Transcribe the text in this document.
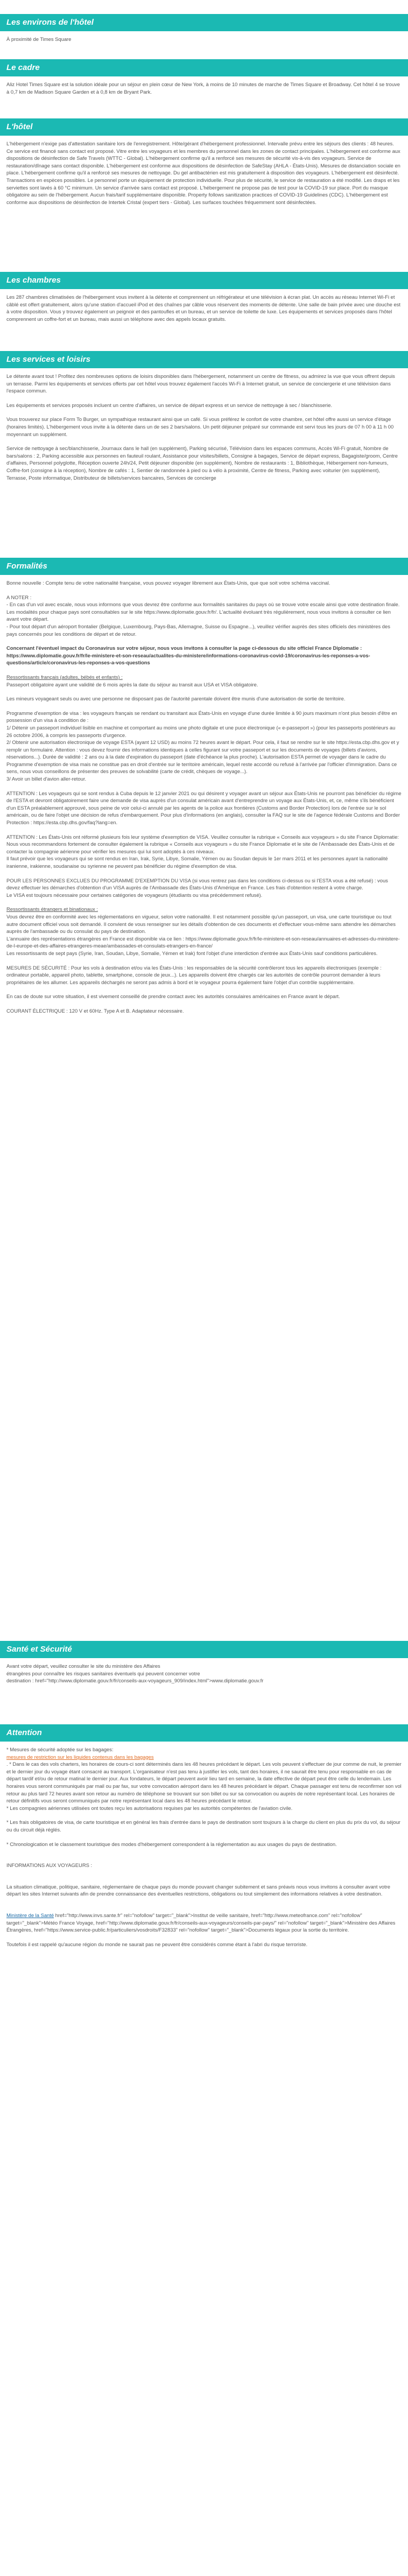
Les environs de l'hôtel

À proximité de Times Square

Le cadre

Aliz Hotel Times Square est la solution idéale pour un séjour en plein cœur de New York, à moins de 10 minutes de marche de Times Square et Broadway. Cet hôtel 4 se trouve à 0,7 km de Madison Square Garden et à 0,8 km de Bryant Park.

L'hôtel

L'hébergement n'exige pas d'attestation sanitaire lors de l'enregistrement. Hôte/gérant d'hébergement professionnel. Intervalle prévu entre les séjours des clients : 48 heures. Ce service est financé sans contact est proposé. Vitre entre les voyageurs et les membres du personnel dans les zones de contact principales. L'hébergement est conforme aux dispositions de désinfection de Safe Travels (WTTC - Global). L'hébergement confirme qu'il a renforcé ses mesures de sécurité vis-à-vis des voyageurs. Service de restauration/dînage sans contact disponible. L'hébergement est conforme aux dispositions de désinfection de SafeStay (AHLA - États-Unis). Mesures de distanciation sociale en place. L'hébergement confirme qu'il a renforcé ses mesures de nettoyage. Du gel antibactérien est mis gratuitement à disposition des voyageurs. L'hébergement est désinfecté. Transactions en espèces possibles. Le personnel porte un équipement de protection individuelle. Pour plus de sécurité, le service de restauration a été modifié. Les draps et les serviettes sont lavés à 60 °C minimum. Un service d'arrivée sans contact est proposé. L'hébergement ne propose pas de test pour la COVID-19 sur place. Port du masque obligatoire au sein de l'hébergement. Aucun frais/tarif supplémentaire disponible. Property follows sanitization practices of COVID-19 Guidelines (CDC). L'hébergement est conforme aux dispositions de désinfection de Intertek Cristal (expert tiers - Global). Les surfaces touchées fréquemment sont désinfectées.

Les chambres

Les 287 chambres climatisées de l'hébergement vous invitent à la détente et comprennent un réfrigérateur et une télévision à écran plat. Un accès au réseau Internet Wi-Fi et câblé est offert gratuitement, alors qu'une station d'accueil iPod et des chaînes par câble vous réservent des moments de détente. Une salle de bain privée avec une douche est à votre disposition. Vous y trouvez également un peignoir et des pantoufles et un bureau, et un service de toilette de luxe. Les équipements et services proposés dans l'hôtel comprennent un coffre-fort et un bureau, mais aussi un téléphone avec des appels locaux gratuits.

Les services et loisirs

Le détente avant tout ! Profitez des nombreuses options de loisirs disponibles dans l'hébergement, notamment un centre de fitness, ou admirez la vue que vous offrent depuis un terrasse. Parmi les équipements et services offerts par cet hôtel vous trouvez également l'accès Wi-Fi à Internet gratuit, un service de conciergerie et une télévision dans l'espace commun.

Les équipements et services proposés incluent un centre d'affaires, un service de départ express et un service de nettoyage à sec / blanchisserie.

Vous trouverez sur place Form To Burger, un sympathique restaurant ainsi que un café. Si vous préférez le confort de votre chambre, cet hôtel offre aussi un service d'étage (horaires limités). L'hébergement vous invite à la détente dans un de ses 2 bars/salons. Un petit déjeuner préparé sur commande est servi tous les jours de 07 h 00 à 11 h 00 moyennant un supplément.

Service de nettoyage à sec/blanchisserie, Journaux dans le hall (en supplément), Parking sécurisé, Télévision dans les espaces communs, Accès Wi-Fi gratuit, Nombre de bars/salons : 2, Parking accessible aux personnes en fauteuil roulant, Assistance pour visites/billets, Consigne à bagages, Service de départ express, Bagagiste/groom, Centre d'affaires, Personnel polyglotte, Réception ouverte 24h/24, Petit déjeuner disponible (en supplément), Nombre de restaurants : 1, Bibliothèque, Hébergement non-fumeurs, Coffre-fort (consigne à la réception), Nombre de cafés : 1, Sentier de randonnée à pied ou à vélo à proximité, Centre de fitness, Parking avec voiturier (en supplément), Terrasse, Poste informatique, Distributeur de billets/services bancaires, Services de concierge

Formalités

Bonne nouvelle : Compte tenu de votre nationalité française, vous pouvez voyager librement aux États-Unis, que que soit votre schéma vaccinal.

A NOTER :
- En cas d'un vol avec escale, nous vous informons que vous devrez être conforme aux formalités sanitaires du pays où se trouve votre escale ainsi que votre destination finale.
Les modalités pour chaque pays sont consultables sur le site https://www.diplomatie.gouv.fr/fr/. L'actualité évoluant très régulièrement, nous vous invitons à consulter ce lien avant votre départ.
- Pour tout départ d'un aéroport frontalier (Belgique, Luxembourg, Pays-Bas, Allemagne, Suisse ou Espagne...), veuillez vérifier auprès des sites officiels des ministères des pays concernés pour les conditions de départ et de retour.
Concernant l'éventuel impact du Coronavirus sur votre séjour, nous vous invitons à consulter la page ci-dessous du site officiel France Diplomatie :
https://www.diplomatie.gouv.fr/fr/le-ministere-et-son-reseau/actualites-du-ministere/informations-coronavirus-covid-19/coronavirus-les-reponses-a-vos-questions/article/coronavirus-les-reponses-a-vos-questions
Ressortissants français (adultes, bébés et enfants) :
Passeport obligatoire ayant une validité de 6 mois après la date du séjour au transit aux USA et VISA obligatoire.

Les mineurs voyageant seuls ou avec une personne ne disposant pas de l'autorité parentale doivent être munis d'une autorisation de sortie de territoire.

Programme d'exemption de visa : les voyageurs français se rendant ou transitant aux États-Unis en voyage d'une durée limitée à 90 jours maximum n'ont plus besoin d'être en possession d'un visa à condition de :
1/ Détenir un passeport individuel lisible en machine et comportant au moins une photo digitale et une puce électronique (« e-passeport ») (pour les passeports postérieurs au 26 octobre 2006, à compris les passeports d'urgence.
2/ Obtenir une autorisation électronique de voyage ESTA (ayant 12 USD) au moins 72 heures avant le départ. Pour cela, il faut se rendre sur le site https://esta.cbp.dhs.gov et y remplir un formulaire. Attention : vous devez fournir des informations identiques à celles figurant sur votre passeport et sur les documents de voyages (billets d'avions, réservations...). Durée de validité : 2 ans ou à la date d'expiration du passeport (date d'échéance la plus proche). L'autorisation ESTA permet de voyager dans le cadre du Programme d'exemption de visa mais ne constitue pas en droit d'entrée sur le territoire américain, lequel reste accordé ou refusé à l'arrivée par l'officier d'immigration. Dans ce sens, nous vous conseillons de présenter des preuves de solvabilité (carte de crédit, chèques de voyage...).
3/ Avoir un billet d'avion aller-retour.
ATTENTION : Les voyageurs qui se sont rendus à Cuba depuis le 12 janvier 2021 ou qui désirent y voyager avant un séjour aux États-Unis ne pourront pas bénéficier du régime de l'ESTA et devront obligatoirement faire une demande de visa auprès d'un consulat américain avant d'entreprendre un voyage aux États-Unis, et, ce, même s'ils bénéficient d'un ESTA préalablement approuvé, sous peine de voir celui-ci annulé par les agents de la police aux frontières (Customs and Border Protection) lors de l'entrée sur le sol américain, ou de faire l'objet une décision de refus d'embarquement. Pour plus d'informations (en anglais), consulter la FAQ sur le site de l'agence fédérale Customs and Border Protection : https://esta.cbp.dhs.gov/faq?lang=en.
ATTENTION : Les États-Unis ont réformé plusieurs fois leur système d'exemption de VISA. Veuillez consulter la rubrique « Conseils aux voyageurs » du site France Diplomatie:
Nous vous recommandons fortement de consulter également la rubrique « Conseils aux voyageurs » du site France Diplomatie et le site de l'Ambassade des États-Unis et de contacter la compagnie aérienne pour vérifier les mesures qui lui sont adoptés à ces niveaux.
Il faut prévoir que les voyageurs qui se sont rendus en Iran, Irak, Syrie, Libye, Somalie, Yémen ou au Soudan depuis le 1er mars 2011 et les personnes ayant la nationalité iranienne, irakienne, soudanaise ou syrienne ne peuvent pas bénéficier du régime d'exemption de visa.
POUR LES PERSONNES EXCLUES DU PROGRAMME D'EXEMPTION DU VISA (si vous rentrez pas dans les conditions ci-dessus ou si l'ESTA vous a été refusé) : vous devez effectuer les démarches d'obtention d'un VISA auprès de l'Ambassade des États-Unis d'Amérique en France. Les frais d'obtention restent à votre charge.
Le VISA est toujours nécessaire pour certaines catégories de voyageurs (étudiants ou visa précédemment refusé).
Ressortissants étrangers et binationaux :
Vous devrez être en conformité avec les réglementations en vigueur, selon votre nationalité. Il est notamment possible qu'un passeport, un visa, une carte touristique ou tout autre document officiel vous soit demandé. Il convient de vous renseigner sur les détails d'obtention de ces documents et d'effectuer vous-même sans attendre les démarches auprès de l'ambassade ou du consulat du pays de destination.
L'annuaire des représentations étrangères en France est disponible via ce lien : https://www.diplomatie.gouv.fr/fr/le-ministere-et-son-reseau/annuaires-et-adresses-du-ministere-de-l-europe-et-des-affaires-etrangeres-meae/ambassades-et-consulats-etrangers-en-france/
Les ressortissants de sept pays (Syrie, Iran, Soudan, Libye, Somalie, Yémen et Irak) font l'objet d'une interdiction d'entrée aux États-Unis sauf conditions particulières.

MESURES DE SÉCURITÉ : Pour les vols à destination et/ou via les États-Unis : les responsables de la sécurité contrôleront tous les appareils électroniques (exemple : ordinateur portable, appareil photo, tablette, smartphone, console de jeux...). Les appareils doivent être chargés car les autorités de contrôle pourront demander à leurs propriétaires de les allumer. Les appareils déchargés ne seront pas admis à bord et le voyageur pourra également faire l'objet d'un contrôle supplémentaire.

En cas de doute sur votre situation, il est vivement conseillé de prendre contact avec les autorités consulaires américaines en France avant le départ.

COURANT ÉLECTRIQUE : 120 V et 60Hz. Type A et B. Adaptateur nécessaire.

Santé et Sécurité
Avant votre départ, veuillez consulter le site du ministère des Affaires
étrangères pour connaître les risques sanitaires éventuels qui peuvent concerner votre
destination : href="http://www.diplomatie.gouv.fr/fr/conseils-aux-voyageurs_909/index.html">www.diplomatie.gouv.fr
Attention
* Mesures de sécurité adoptée sur les bagages:
mesures de restriction sur les liquides contenus dans les bagages
. * Dans le cas des vols charters, les horaires de cours-ci sont déterminés dans les 48 heures précédant le départ. Les vols peuvent s'effectuer de jour comme de nuit, le premier et le dernier jour du voyage étant consacré au transport. L'organisateur n'est pas tenu à justifier les vols, tant des horaires, il ne saurait être tenu pour responsable en cas de départ tardif et/ou de retour matinal le dernier jour. Aux fondateurs, le départ peuvent avoir lieu tard en semaine, la date effective de départ peut être celle du lendemain. Les horaires vous seront communiqués par mail ou par fax, sur votre convocation aéroport dans les 48 heures précédant le départ. Chaque passager est tenu de reconfirmer son vol retour au plus tard 72 heures avant son retour au numéro de téléphone se trouvant sur son billet ou sur sa convocation ou auprès de notre représentant local. Les horaires de retour définitifs vous seront communiqués par notre représentant local dans les 48 heures précédant le retour.
* Les compagnies aériennes utilisées ont toutes reçu les autorisations requises par les autorités compétentes de l'aviation civile.

* Les frais obligatoires de visa, de carte touristique et en général les frais d'entrée dans le pays de destination sont toujours à la charge du client en plus du prix du vol, du séjour ou du circuit déjà réglés.

* Chronologication et le classement touristique des modes d'hébergement correspondent à la réglementation au aux usages du pays de destination.

INFORMATIONS AUX VOYAGEURS :

La situation climatique, politique, sanitaire, réglementaire de chaque pays du monde pouvant changer subitement et sans préavis nous vous invitons à consulter avant votre départ les sites Internet suivants afin de prendre connaissance des éventuelles restrictions, obligations ou tout simplement des informations relatives à votre destination.

Ministère de la Santé href="http://www.invs.sante.fr" rel="nofollow" target="_blank">Institut de veille sanitaire, href="http://www.meteofrance.com" rel="nofollow" target="_blank">Météo France Voyage, href="http://www.diplomatie.gouv.fr/fr/conseils-aux-voyageurs/conseils-par-pays/" rel="nofollow" target="_blank">Ministère des Affaires Étrangères, href="https://www.service-public.fr/particuliers/vosdroits/F32833" rel="nofollow" target="_blank">Documents légaux pour la sortie du territoire.

Toutefois il est rappelé qu'aucune région du monde ne saurait pas ne peuvent être considérés comme étant à l'abri du risque terroriste.
